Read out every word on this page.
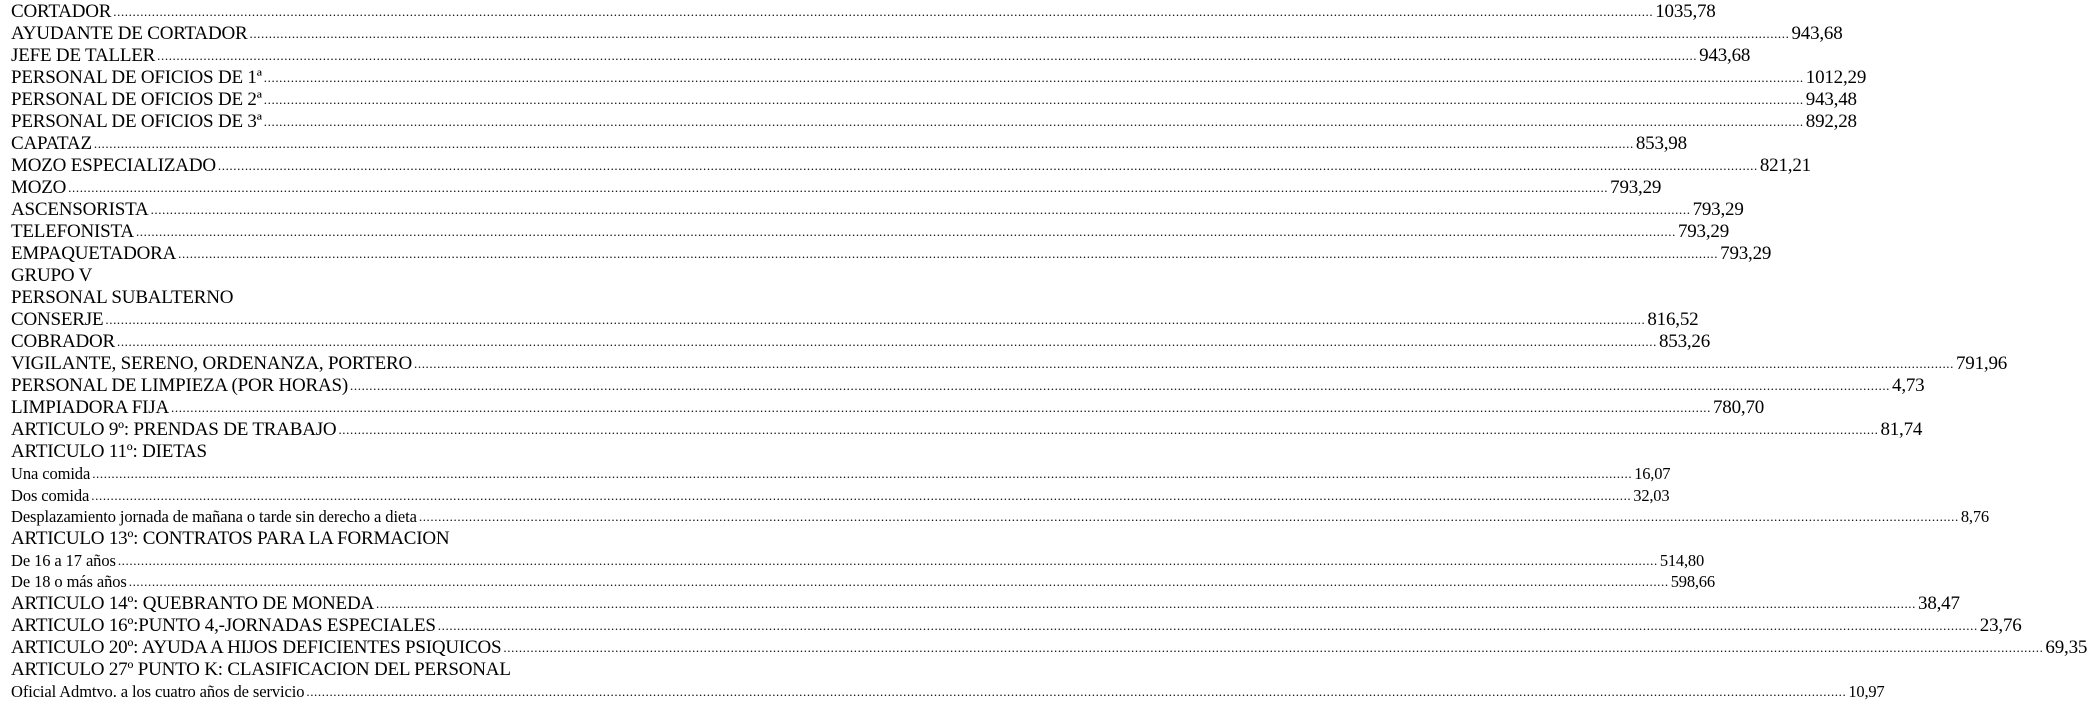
CORTADOR ................................................................................................................................................................................................................................................................................................................................................................................................................ 1035,78
AYUDANTE DE CORTADOR ................................................................................................................................................................................................................................................................................................................................................................................................................ 943,68
JEFE DE TALLER ................................................................................................................................................................................................................................................................................................................................................................................................................ 943,68
PERSONAL DE OFICIOS DE 1ª ................................................................................................................................................................................................................................................................................................................................................................................................................ 1012,29
PERSONAL DE OFICIOS DE 2ª ................................................................................................................................................................................................................................................................................................................................................................................................................ 943,48
PERSONAL DE OFICIOS DE 3ª ................................................................................................................................................................................................................................................................................................................................................................................................................ 892,28
CAPATAZ ................................................................................................................................................................................................................................................................................................................................................................................................................ 853,98
MOZO ESPECIALIZADO ................................................................................................................................................................................................................................................................................................................................................................................................................ 821,21
MOZO ................................................................................................................................................................................................................................................................................................................................................................................................................ 793,29
ASCENSORISTA ................................................................................................................................................................................................................................................................................................................................................................................................................ 793,29
TELEFONISTA ................................................................................................................................................................................................................................................................................................................................................................................................................ 793,29
EMPAQUETADORA ................................................................................................................................................................................................................................................................................................................................................................................................................ 793,29
GRUPO V
PERSONAL SUBALTERNO
CONSERJE ................................................................................................................................................................................................................................................................................................................................................................................................................ 816,52
COBRADOR ................................................................................................................................................................................................................................................................................................................................................................................................................ 853,26
VIGILANTE, SERENO, ORDENANZA, PORTERO ................................................................................................................................................................................................................................................................................................................................................................................................................ 791,96
PERSONAL DE LIMPIEZA (POR HORAS) ................................................................................................................................................................................................................................................................................................................................................................................................................ 4,73
LIMPIADORA FIJA ................................................................................................................................................................................................................................................................................................................................................................................................................ 780,70
ARTICULO 9º: PRENDAS DE TRABAJO ................................................................................................................................................................................................................................................................................................................................................................................................................ 81,74
ARTICULO 11º: DIETAS
Una comida ................................................................................................................................................................................................................................................................................................................................................................................................................ 16,07
Dos comida ................................................................................................................................................................................................................................................................................................................................................................................................................ 32,03
Desplazamiento jornada de mañana o tarde sin derecho a dieta ................................................................................................................................................................................................................................................................................................................................................................................................................ 8,76
ARTICULO 13º: CONTRATOS PARA LA FORMACION
De 16 a 17 años ................................................................................................................................................................................................................................................................................................................................................................................................................ 514,80
De 18 o más años ................................................................................................................................................................................................................................................................................................................................................................................................................ 598,66
ARTICULO 14º: QUEBRANTO DE MONEDA ................................................................................................................................................................................................................................................................................................................................................................................................................ 38,47
ARTICULO 16º:PUNTO 4,-JORNADAS ESPECIALES ................................................................................................................................................................................................................................................................................................................................................................................................................ 23,76
ARTICULO 20º: AYUDA A HIJOS DEFICIENTES PSIQUICOS ................................................................................................................................................................................................................................................................................................................................................................................................................ 69,35
ARTICULO 27º PUNTO K: CLASIFICACION DEL PERSONAL
Oficial Admtvo. a los cuatro años de servicio ................................................................................................................................................................................................................................................................................................................................................................................................................ 10,97
